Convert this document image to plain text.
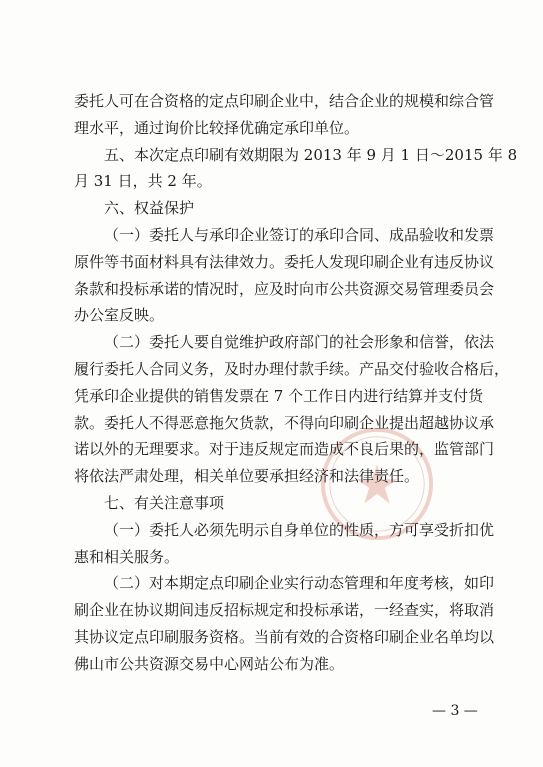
委托人可在合资格的定点印刷企业中，结合企业的规模和综合管
理水平，通过询价比较择优确定承印单位。
五、本次定点印刷有效期限为 2013 年 9 月 1 日～2015 年 8
月 31 日，共 2 年。
六、权益保护
（一）委托人与承印企业签订的承印合同、成品验收和发票
原件等书面材料具有法律效力。委托人发现印刷企业有违反协议
条款和投标承诺的情况时，应及时向市公共资源交易管理委员会
办公室反映。
（二）委托人要自觉维护政府部门的社会形象和信誉，依法
履行委托人合同义务，及时办理付款手续。产品交付验收合格后，
凭承印企业提供的销售发票在 7 个工作日内进行结算并支付货
款。委托人不得恶意拖欠货款，不得向印刷企业提出超越协议承
诺以外的无理要求。对于违反规定而造成不良后果的，监管部门
将依法严肃处理，相关单位要承担经济和法律责任。
七、有关注意事项
（一）委托人必须先明示自身单位的性质，方可享受折扣优
惠和相关服务。
（二）对本期定点印刷企业实行动态管理和年度考核，如印
刷企业在协议期间违反招标规定和投标承诺，一经查实，将取消
其协议定点印刷服务资格。当前有效的合资格印刷企业名单均以
佛山市公共资源交易中心网站公布为准。
— 3 —
